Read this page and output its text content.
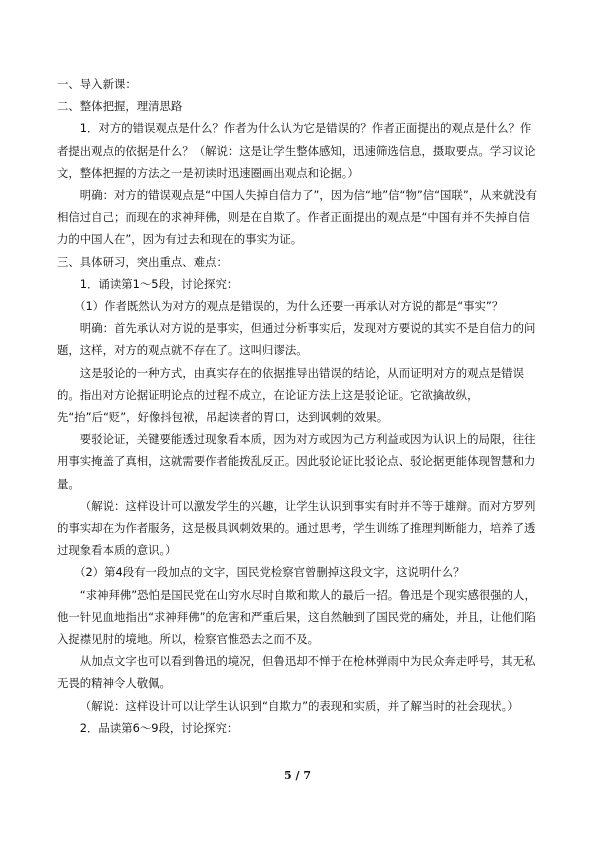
一、导入新课：

二、整体把握，理清思路

1．对方的错误观点是什么？作者为什么认为它是错误的？作者正面提出的观点是什么？作者提出观点的依据是什么？（解说：这是让学生整体感知，迅速筛选信息，摄取要点。学习议论文，整体把握的方法之一是初读时迅速圈画出观点和论据。）

明确：对方的错误观点是“中国人失掉自信力了”，因为信“地”信“物”信“国联”，从来就没有相信过自己；而现在的求神拜佛，则是在自欺了。作者正面提出的观点是“中国有并不失掉自信力的中国人在”，因为有过去和现在的事实为证。

三、具体研习，突出重点、难点：

1．诵读第1～5段，讨论探究：

（1）作者既然认为对方的观点是错误的，为什么还要一再承认对方说的都是“事实”？

明确：首先承认对方说的是事实，但通过分析事实后，发现对方要说的其实不是自信力的问题，这样，对方的观点就不存在了。这叫归谬法。

这是驳论的一种方式，由真实存在的依据推导出错误的结论，从而证明对方的观点是错误的。指出对方论据证明论点的过程不成立，在论证方法上这是驳论证。它欲擒故纵，先“抬”后“贬”，好像抖包袱，吊起读者的胃口，达到讽刺的效果。

要驳论证，关键要能透过现象看本质，因为对方或因为己方利益或因为认识上的局限，往往用事实掩盖了真相，这就需要作者能拨乱反正。因此驳论证比驳论点、驳论据更能体现智慧和力量。

（解说：这样设计可以激发学生的兴趣，让学生认识到事实有时并不等于雄辩。而对方罗列的事实却在为作者服务，这是极具讽刺效果的。通过思考，学生训练了推理判断能力，培养了透过现象看本质的意识。）

（2）第4段有一段加点的文字，国民党检察官曾删掉这段文字，这说明什么？

“求神拜佛”恐怕是国民党在山穷水尽时自欺和欺人的最后一招。鲁迅是个现实感很强的人，他一针见血地指出“求神拜佛”的危害和严重后果，这自然触到了国民党的痛处，并且，让他们陷入捉襟见肘的境地。所以，检察官惟恐去之而不及。

从加点文字也可以看到鲁迅的境况，但鲁迅却不惮于在枪林弹雨中为民众奔走呼号，其无私无畏的精神令人敬佩。

（解说：这样设计可以让学生认识到“自欺力”的表现和实质，并了解当时的社会现状。）

2．品读第6～9段，讨论探究：

5 / 7
